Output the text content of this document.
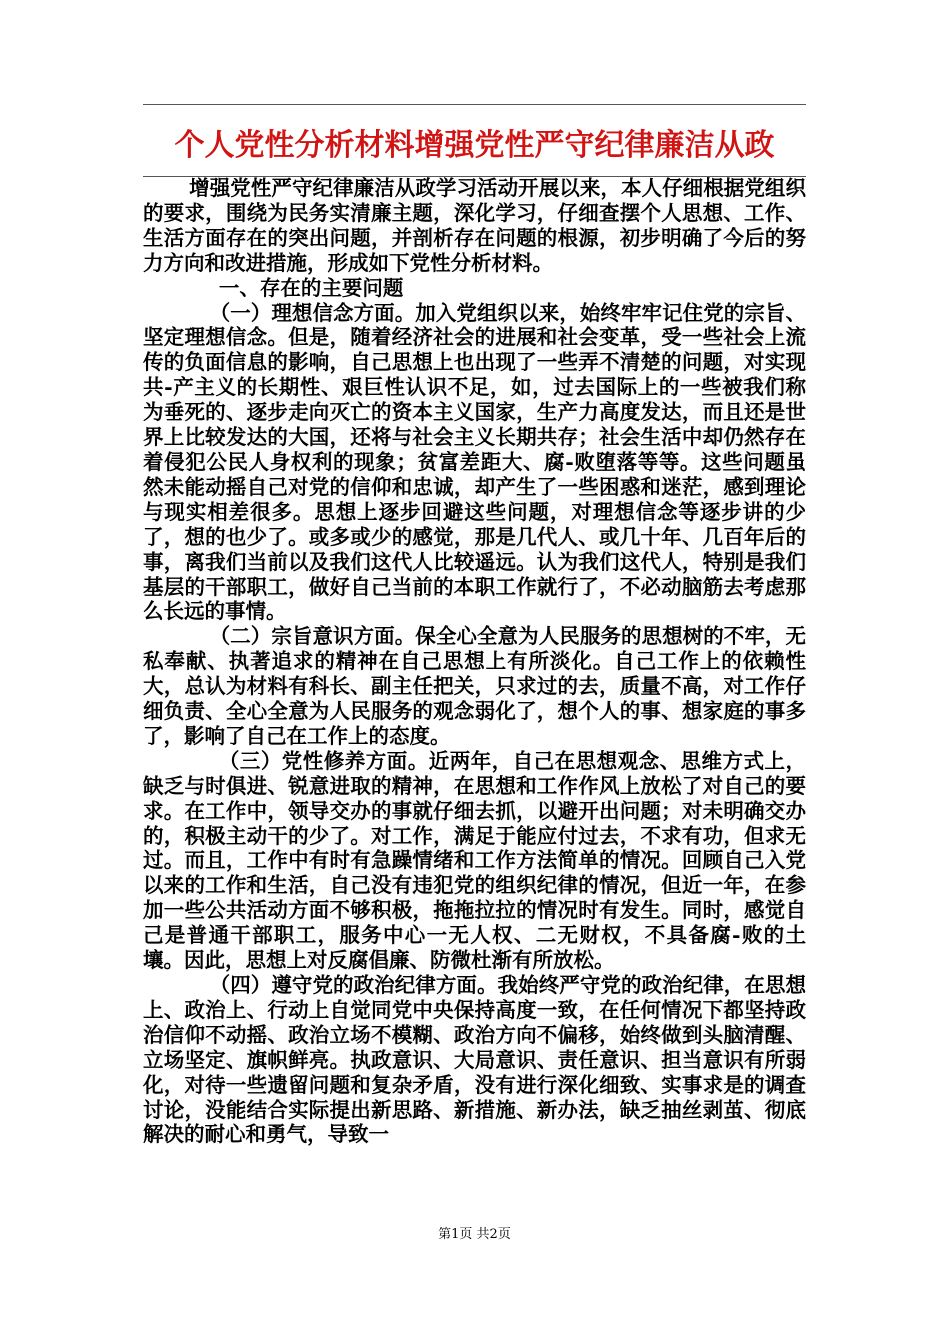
个人党性分析材料增强党性严守纪律廉洁从政

增强党性严守纪律廉洁从政学习活动开展以来，本人仔细根据党组织的要求，围绕为民务实清廉主题，深化学习，仔细查摆个人思想、工作、生活方面存在的突出问题，并剖析存在问题的根源，初步明确了今后的努力方向和改进措施，形成如下党性分析材料。

一、存在的主要问题

（一）理想信念方面。加入党组织以来，始终牢牢记住党的宗旨、坚定理想信念。但是，随着经济社会的进展和社会变革，受一些社会上流传的负面信息的影响，自己思想上也出现了一些弄不清楚的问题，对实现共-产主义的长期性、艰巨性认识不足，如，过去国际上的一些被我们称为垂死的、逐步走向灭亡的资本主义国家，生产力高度发达，而且还是世界上比较发达的大国，还将与社会主义长期共存；社会生活中却仍然存在着侵犯公民人身权利的现象；贫富差距大、腐-败堕落等等。这些问题虽然未能动摇自己对党的信仰和忠诚，却产生了一些困惑和迷茫，感到理论与现实相差很多。思想上逐步回避这些问题，对理想信念等逐步讲的少了，想的也少了。或多或少的感觉，那是几代人、或几十年、几百年后的事，离我们当前以及我们这代人比较遥远。认为我们这代人，特别是我们基层的干部职工，做好自己当前的本职工作就行了，不必动脑筋去考虑那么长远的事情。

（二）宗旨意识方面。保全心全意为人民服务的思想树的不牢，无私奉献、执著追求的精神在自己思想上有所淡化。自己工作上的依赖性大，总认为材料有科长、副主任把关，只求过的去，质量不高，对工作仔细负责、全心全意为人民服务的观念弱化了，想个人的事、想家庭的事多了，影响了自己在工作上的态度。

（三）党性修养方面。近两年，自己在思想观念、思维方式上，缺乏与时俱进、锐意进取的精神，在思想和工作作风上放松了对自己的要求。在工作中，领导交办的事就仔细去抓，以避开出问题；对未明确交办的，积极主动干的少了。对工作，满足于能应付过去，不求有功，但求无过。而且，工作中有时有急躁情绪和工作方法简单的情况。回顾自己入党以来的工作和生活，自己没有违犯党的组织纪律的情况，但近一年，在参加一些公共活动方面不够积极，拖拖拉拉的情况时有发生。同时，感觉自己是普通干部职工，服务中心一无人权、二无财权，不具备腐-败的土壤。因此，思想上对反腐倡廉、防微杜渐有所放松。

（四）遵守党的政治纪律方面。我始终严守党的政治纪律，在思想上、政治上、行动上自觉同党中央保持高度一致，在任何情况下都坚持政治信仰不动摇、政治立场不模糊、政治方向不偏移，始终做到头脑清醒、立场坚定、旗帜鲜亮。执政意识、大局意识、责任意识、担当意识有所弱化，对待一些遗留问题和复杂矛盾，没有进行深化细致、实事求是的调查讨论，没能结合实际提出新思路、新措施、新办法，缺乏抽丝剥茧、彻底解决的耐心和勇气，导致一

第1页 共2页
